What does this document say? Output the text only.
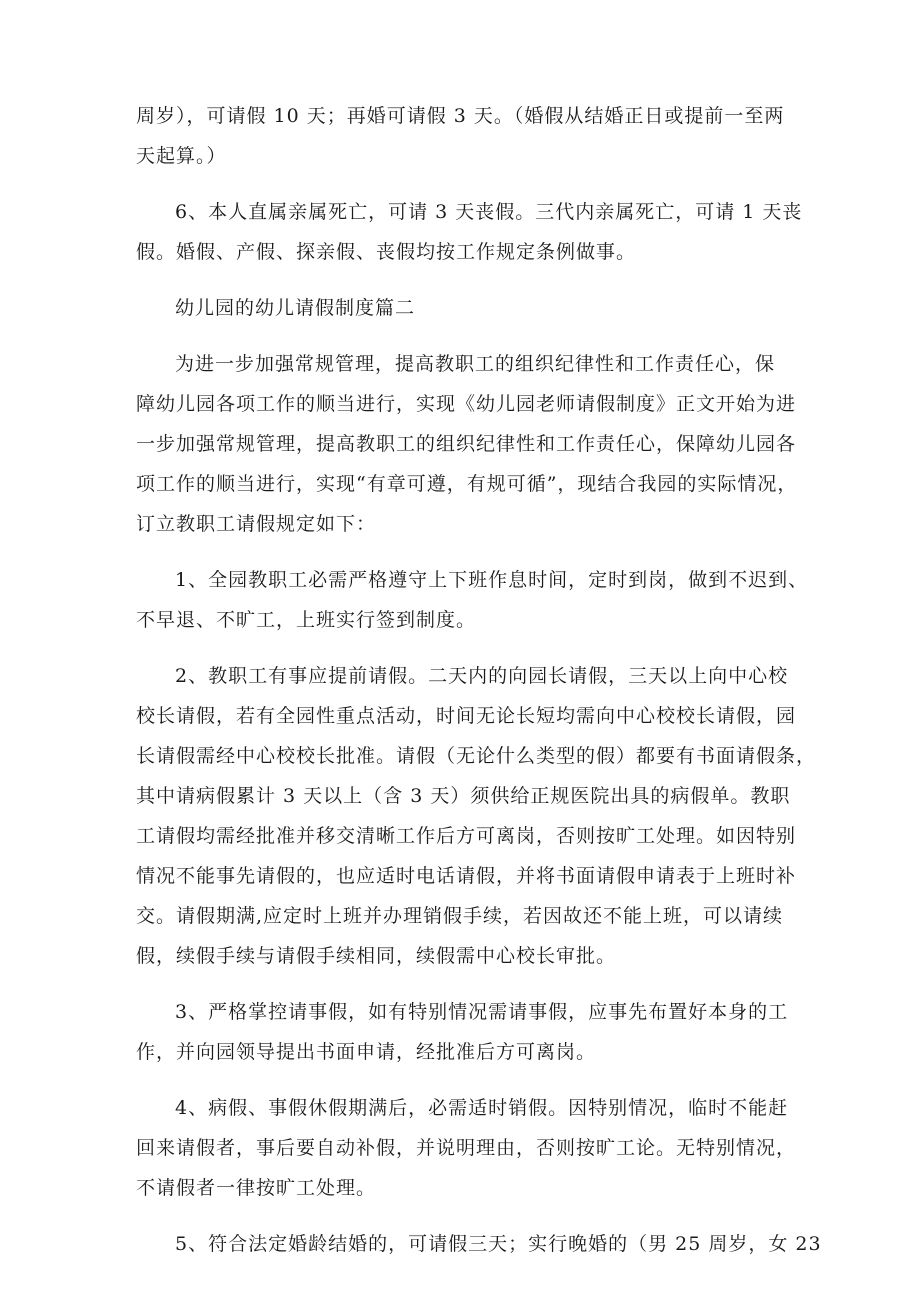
周岁），可请假 10 天；再婚可请假 3 天。（婚假从结婚正日或提前一至两
天起算。）

6、本人直属亲属死亡，可请 3 天丧假。三代内亲属死亡，可请 1 天丧
假。婚假、产假、探亲假、丧假均按工作规定条例做事。

幼儿园的幼儿请假制度篇二

为进一步加强常规管理，提高教职工的组织纪律性和工作责任心，保
障幼儿园各项工作的顺当进行，实现《幼儿园老师请假制度》正文开始为进
一步加强常规管理，提高教职工的组织纪律性和工作责任心，保障幼儿园各
项工作的顺当进行，实现“有章可遵，有规可循”，现结合我园的实际情况，
订立教职工请假规定如下：

1、全园教职工必需严格遵守上下班作息时间，定时到岗，做到不迟到、
不早退、不旷工，上班实行签到制度。

2、教职工有事应提前请假。二天内的向园长请假，三天以上向中心校
校长请假，若有全园性重点活动，时间无论长短均需向中心校校长请假，园
长请假需经中心校校长批准。请假（无论什么类型的假）都要有书面请假条，
其中请病假累计 3 天以上（含 3 天）须供给正规医院出具的病假单。教职
工请假均需经批准并移交清晰工作后方可离岗，否则按旷工处理。如因特别
情况不能事先请假的，也应适时电话请假，并将书面请假申请表于上班时补
交。请假期满,应定时上班并办理销假手续，若因故还不能上班，可以请续
假，续假手续与请假手续相同，续假需中心校长审批。

3、严格掌控请事假，如有特别情况需请事假，应事先布置好本身的工
作，并向园领导提出书面申请，经批准后方可离岗。

4、病假、事假休假期满后，必需适时销假。因特别情况，临时不能赶
回来请假者，事后要自动补假，并说明理由，否则按旷工论。无特别情况，
不请假者一律按旷工处理。

5、符合法定婚龄结婚的，可请假三天；实行晚婚的（男 25 周岁，女 23
